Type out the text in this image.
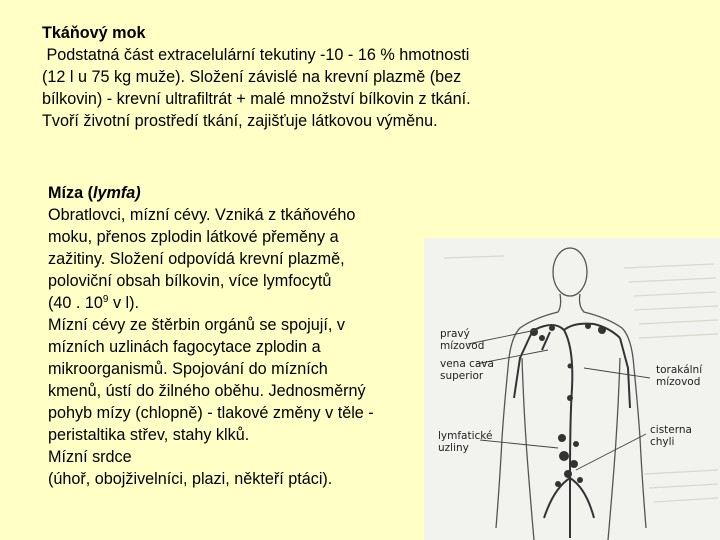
Tkáňový mok
Podstatná část extracelulární tekutiny -10 - 16 % hmotnosti
(12 l u 75 kg muže). Složení závislé na krevní plazmě (bez
bílkovin) - krevní ultrafiltrát + malé množství bílkovin z tkání.
Tvoří životní prostředí tkání, zajišťuje látkovou výměnu.
Míza (lymfa)
Obratlovci, mízní cévy. Vzniká z tkáňového
moku, přenos zplodin látkové přeměny a
zažitiny. Složení odpovídá krevní plazmě,
poloviční obsah bílkovin, více lymfocytů
(40 . $10^9$ v l).
Mízní cévy ze štěrbin orgánů se spojují, v
mízních uzlinách fagocytace zplodin a
mikroorganismů. Spojování do mízních
kmenů, ústí do žilného oběhu. Jednosměrný
pohyb mízy (chlopně) - tlakové změny v těle -
peristaltika střev, stahy klků.
Mízní srdce
(úhoř, obojživelníci, plazi, někteří ptáci).
pravý
mízovod
vena cava
superior	torakální
mízovod
lymfatické
uzliny
cisterna
chyli
